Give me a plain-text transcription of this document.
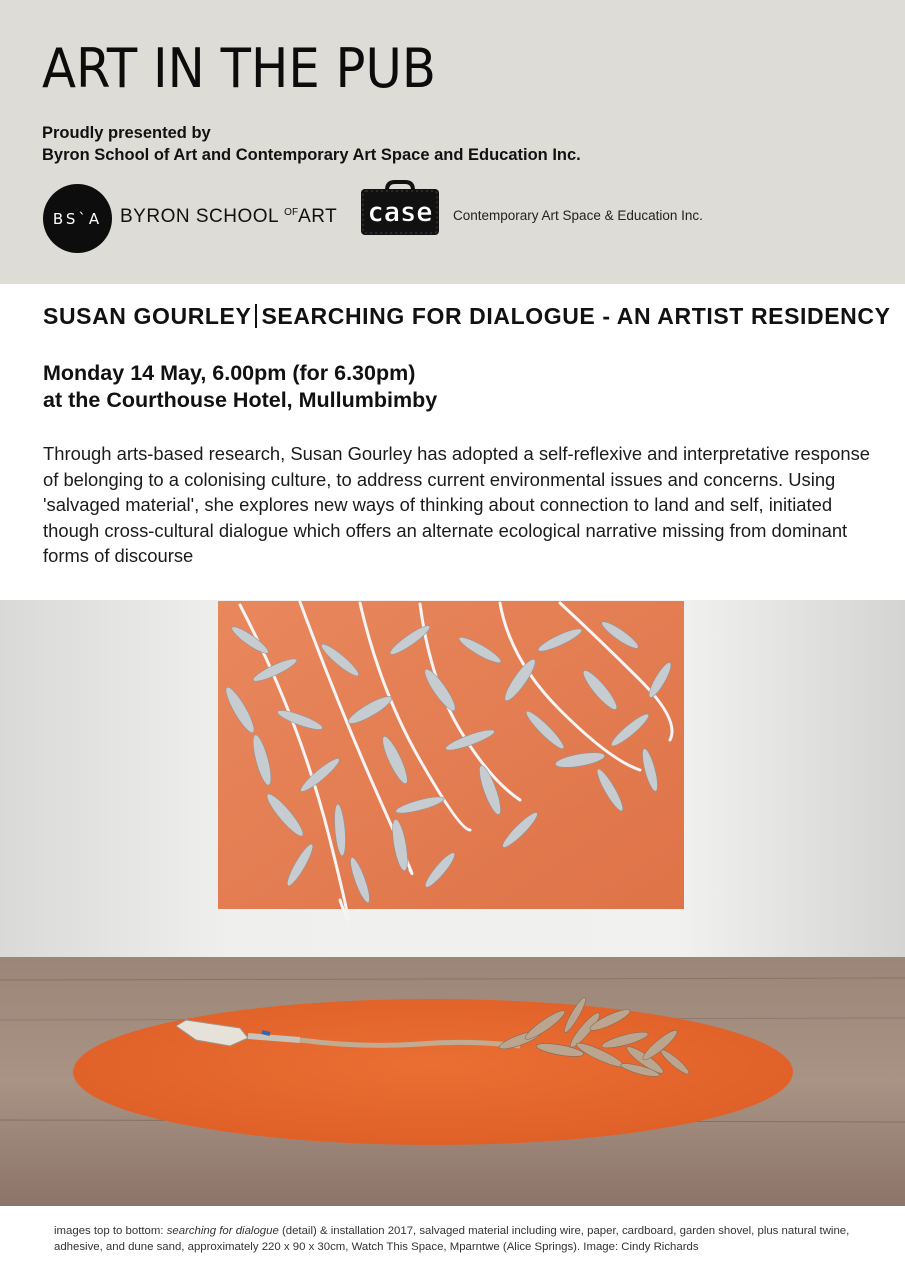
ART IN THE PUB
Proudly presented by
Byron School of Art and Contemporary Art Space and Education Inc.
BS`A BYRON SCHOOL $^{OF}$ART case Contemporary Art Space & Education Inc.
SUSAN GOURLEY SEARCHING FOR DIALOGUE - AN ARTIST RESIDENCY
Monday 14 May, 6.00pm (for 6.30pm)
at the Courthouse Hotel, Mullumbimby

Through arts-based research, Susan Gourley has adopted a self-reflexive and interpretative response of belonging to a colonising culture, to address current environmental issues and concerns. Using 'salvaged material', she explores new ways of thinking about connection to land and self, initiated though cross-cultural dialogue which offers an alternate ecological narrative missing from dominant forms of discourse

images top to bottom: searching for dialogue (detail) & installation 2017, salvaged material including wire, paper, cardboard, garden shovel, plus natural twine, adhesive, and dune sand, approximately 220 x 90 x 30cm, Watch This Space, Mparntwe (Alice Springs). Image: Cindy Richards
